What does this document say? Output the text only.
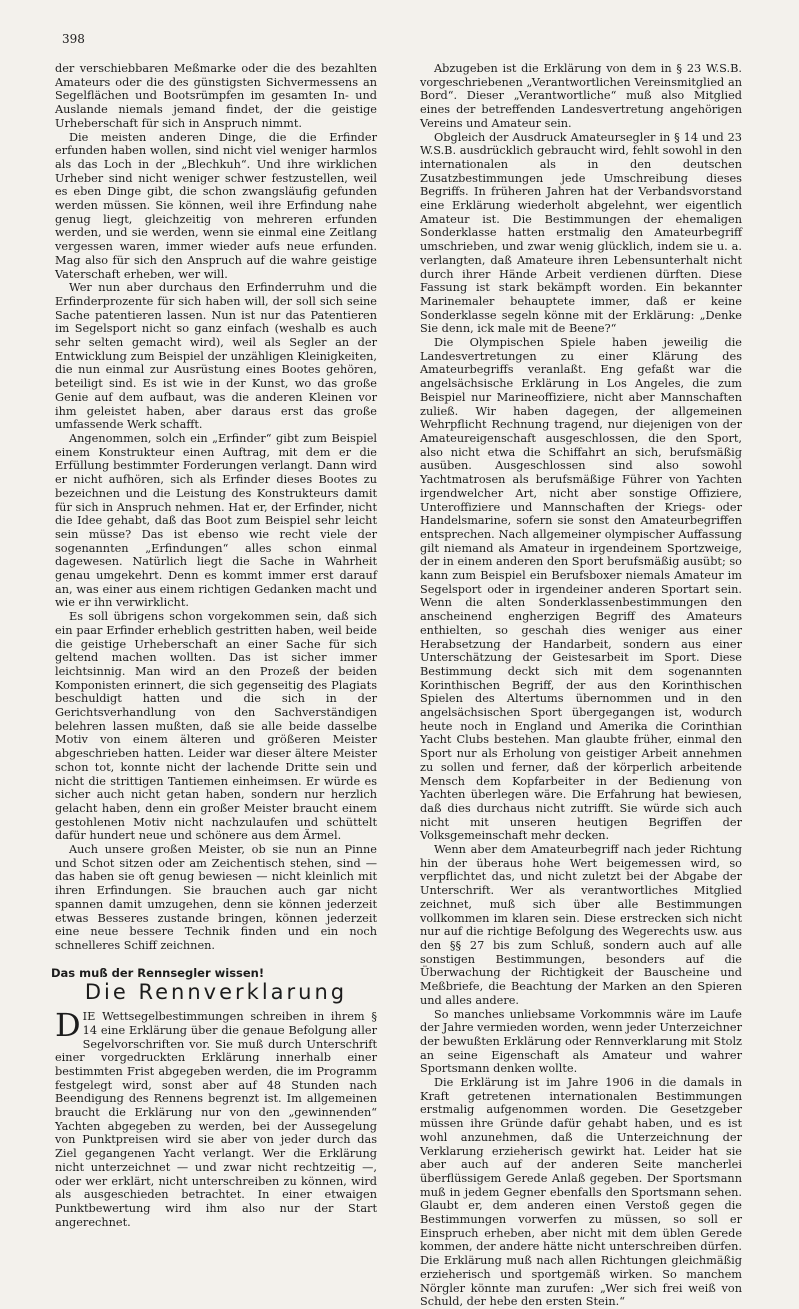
398

der verschiebbaren Meßmarke oder die des bezahlten Amateurs oder die des günstigsten Sichvermessens an Segelflächen und Bootsrümpfen im gesamten In- und Auslande niemals jemand findet, der die geistige Urheberschaft für sich in Anspruch nimmt.

Die meisten anderen Dinge, die die Erfinder erfunden haben wollen, sind nicht viel weniger harmlos als das Loch in der „Blechkuh“. Und ihre wirklichen Urheber sind nicht weniger schwer festzustellen, weil es eben Dinge gibt, die schon zwangsläufig gefunden werden müssen. Sie können, weil ihre Erfindung nahe genug liegt, gleichzeitig von mehreren erfunden werden, und sie werden, wenn sie einmal eine Zeitlang vergessen waren, immer wieder aufs neue erfunden. Mag also für sich den Anspruch auf die wahre geistige Vaterschaft erheben, wer will.

Wer nun aber durchaus den Erfinderruhm und die Erfinderprozente für sich haben will, der soll sich seine Sache patentieren lassen. Nun ist nur das Patentieren im Segelsport nicht so ganz einfach (weshalb es auch sehr selten gemacht wird), weil als Segler an der Entwicklung zum Beispiel der unzähligen Kleinigkeiten, die nun einmal zur Ausrüstung eines Bootes gehören, beteiligt sind. Es ist wie in der Kunst, wo das große Genie auf dem aufbaut, was die anderen Kleinen vor ihm geleistet haben, aber daraus erst das große umfassende Werk schafft.

Angenommen, solch ein „Erfinder“ gibt zum Beispiel einem Konstrukteur einen Auftrag, mit dem er die Erfüllung bestimmter Forderungen verlangt. Dann wird er nicht aufhören, sich als Erfinder dieses Bootes zu bezeichnen und die Leistung des Konstrukteurs damit für sich in Anspruch nehmen. Hat er, der Erfinder, nicht die Idee gehabt, daß das Boot zum Beispiel sehr leicht sein müsse? Das ist ebenso wie recht viele der sogenannten „Erfindungen“ alles schon einmal dagewesen. Natürlich liegt die Sache in Wahrheit genau umgekehrt. Denn es kommt immer erst darauf an, was einer aus einem richtigen Gedanken macht und wie er ihn verwirklicht.

Es soll übrigens schon vorgekommen sein, daß sich ein paar Erfinder erheblich gestritten haben, weil beide die geistige Urheberschaft an einer Sache für sich geltend machen wollten. Das ist sicher immer leichtsinnig. Man wird an den Prozeß der beiden Komponisten erinnert, die sich gegenseitig des Plagiats beschuldigt hatten und die sich in der Gerichtsverhandlung von den Sachverständigen belehren lassen mußten, daß sie alle beide dasselbe Motiv von einem älteren und größeren Meister abgeschrieben hatten. Leider war dieser ältere Meister schon tot, konnte nicht der lachende Dritte sein und nicht die strittigen Tantiemen einheimsen. Er würde es sicher auch nicht getan haben, sondern nur herzlich gelacht haben, denn ein großer Meister braucht einem gestohlenen Motiv nicht nachzulaufen und schüttelt dafür hundert neue und schönere aus dem Ärmel.

Auch unsere großen Meister, ob sie nun an Pinne und Schot sitzen oder am Zeichentisch stehen, sind — das haben sie oft genug bewiesen — nicht kleinlich mit ihren Erfindungen. Sie brauchen auch gar nicht spannen damit umzugehen, denn sie können jederzeit etwas Besseres zustande bringen, können jederzeit eine neue bessere Technik finden und ein noch schnelleres Schiff zeichnen.

Das muß der Rennsegler wissen!
Die Rennverklarung

DIE Wettsegelbestimmungen schreiben in ihrem § 14 eine Erklärung über die genaue Befolgung aller Segelvorschriften vor. Sie muß durch Unterschrift einer vorgedruckten Erklärung innerhalb einer bestimmten Frist abgegeben werden, die im Programm festgelegt wird, sonst aber auf 48 Stunden nach Beendigung des Rennens begrenzt ist. Im allgemeinen braucht die Erklärung nur von den „gewinnenden“ Yachten abgegeben zu werden, bei der Aussegelung von Punktpreisen wird sie aber von jeder durch das Ziel gegangenen Yacht verlangt. Wer die Erklärung nicht unterzeichnet — und zwar nicht rechtzeitig —, oder wer erklärt, nicht unterschreiben zu können, wird als ausgeschieden betrachtet. In einer etwaigen Punktbewertung wird ihm also nur der Start angerechnet.

Abzugeben ist die Erklärung von dem in § 23 W.S.B. vorgeschriebenen „Verantwortlichen Vereinsmitglied an Bord“. Dieser „Verantwortliche“ muß also Mitglied eines der betreffenden Landesvertretung angehörigen Vereins und Amateur sein.

Obgleich der Ausdruck Amateursegler in § 14 und 23 W.S.B. ausdrücklich gebraucht wird, fehlt sowohl in den internationalen als in den deutschen Zusatzbestimmungen jede Umschreibung dieses Begriffs. In früheren Jahren hat der Verbandsvorstand eine Erklärung wiederholt abgelehnt, wer eigentlich Amateur ist. Die Bestimmungen der ehemaligen Sonderklasse hatten erstmalig den Amateurbegriff umschrieben, und zwar wenig glücklich, indem sie u. a. verlangten, daß Amateure ihren Lebensunterhalt nicht durch ihrer Hände Arbeit verdienen dürften. Diese Fassung ist stark bekämpft worden. Ein bekannter Marinemaler behauptete immer, daß er keine Sonderklasse segeln könne mit der Erklärung: „Denke Sie denn, ick male mit de Beene?“

Die Olympischen Spiele haben jeweilig die Landesvertretungen zu einer Klärung des Amateurbegriffs veranlaßt. Eng gefaßt war die angelsächsische Erklärung in Los Angeles, die zum Beispiel nur Marineoffiziere, nicht aber Mannschaften zuließ. Wir haben dagegen, der allgemeinen Wehrpflicht Rechnung tragend, nur diejenigen von der Amateureigenschaft ausgeschlossen, die den Sport, also nicht etwa die Schiffahrt an sich, berufsmäßig ausüben. Ausgeschlossen sind also sowohl Yachtmatrosen als berufsmäßige Führer von Yachten irgendwelcher Art, nicht aber sonstige Offiziere, Unteroffiziere und Mannschaften der Kriegs- oder Handelsmarine, sofern sie sonst den Amateurbegriffen entsprechen. Nach allgemeiner olympischer Auffassung gilt niemand als Amateur in irgendeinem Sportzweige, der in einem anderen den Sport berufsmäßig ausübt; so kann zum Beispiel ein Berufsboxer niemals Amateur im Segelsport oder in irgendeiner anderen Sportart sein. Wenn die alten Sonderklassenbestimmungen den anscheinend engherzigen Begriff des Amateurs enthielten, so geschah dies weniger aus einer Herabsetzung der Handarbeit, sondern aus einer Unterschätzung der Geistesarbeit im Sport. Diese Bestimmung deckt sich mit dem sogenannten Korinthischen Begriff, der aus den Korinthischen Spielen des Altertums übernommen und in den angelsächsischen Sport übergegangen ist, wodurch heute noch in England und Amerika die Corinthian Yacht Clubs bestehen. Man glaubte früher, einmal den Sport nur als Erholung von geistiger Arbeit annehmen zu sollen und ferner, daß der körperlich arbeitende Mensch dem Kopfarbeiter in der Bedienung von Yachten überlegen wäre. Die Erfahrung hat bewiesen, daß dies durchaus nicht zutrifft. Sie würde sich auch nicht mit unseren heutigen Begriffen der Volksgemeinschaft mehr decken.

Wenn aber dem Amateurbegriff nach jeder Richtung hin der überaus hohe Wert beigemessen wird, so verpflichtet das, und nicht zuletzt bei der Abgabe der Unterschrift. Wer als verantwortliches Mitglied zeichnet, muß sich über alle Bestimmungen vollkommen im klaren sein. Diese erstrecken sich nicht nur auf die richtige Befolgung des Wegerechts usw. aus den §§ 27 bis zum Schluß, sondern auch auf alle sonstigen Bestimmungen, besonders auf die Überwachung der Richtigkeit der Bauscheine und Meßbriefe, die Beachtung der Marken an den Spieren und alles andere.

So manches unliebsame Vorkommnis wäre im Laufe der Jahre vermieden worden, wenn jeder Unterzeichner der bewußten Erklärung oder Rennverklarung mit Stolz an seine Eigenschaft als Amateur und wahrer Sportsmann denken wollte.

Die Erklärung ist im Jahre 1906 in die damals in Kraft getretenen internationalen Bestimmungen erstmalig aufgenommen worden. Die Gesetzgeber müssen ihre Gründe dafür gehabt haben, und es ist wohl anzunehmen, daß die Unterzeichnung der Verklarung erzieherisch gewirkt hat. Leider hat sie aber auch auf der anderen Seite mancherlei überflüssigem Gerede Anlaß gegeben. Der Sportsmann muß in jedem Gegner ebenfalls den Sportsmann sehen. Glaubt er, dem anderen einen Verstoß gegen die Bestimmungen vorwerfen zu müssen, so soll er Einspruch erheben, aber nicht mit dem üblen Gerede kommen, der andere hätte nicht unterschreiben dürfen. Die Erklärung muß nach allen Richtungen gleichmäßig erzieherisch und sportgemäß wirken. So manchem Nörgler könnte man zurufen: „Wer sich frei weiß von Schuld, der hebe den ersten Stein.“
